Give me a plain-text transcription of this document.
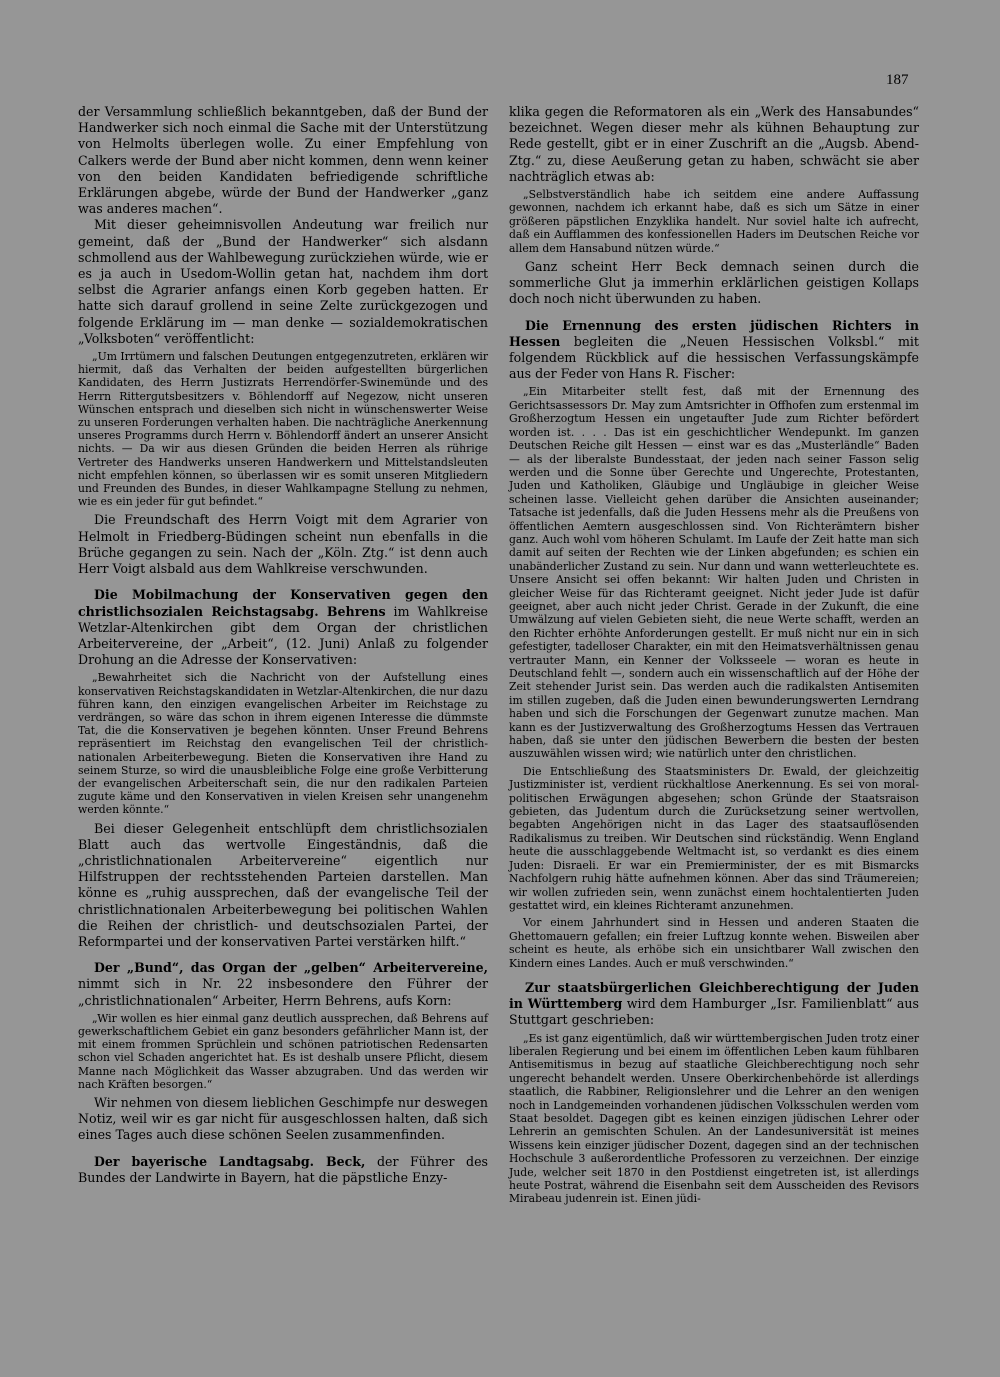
187

der Versammlung schließlich bekanntgeben, daß der Bund der Handwerker sich noch einmal die Sache mit der Unterstützung von Helmolts überlegen wolle. Zu einer Empfehlung von Calkers werde der Bund aber nicht kommen, denn wenn keiner von den beiden Kandidaten befriedigende schriftliche Erklärungen abgebe, würde der Bund der Handwerker „ganz was anderes machen“.

Mit dieser geheimnisvollen Andeutung war freilich nur gemeint, daß der „Bund der Handwerker“ sich alsdann schmollend aus der Wahlbewegung zurückziehen würde, wie er es ja auch in Usedom-Wollin getan hat, nachdem ihm dort selbst die Agrarier anfangs einen Korb gegeben hatten. Er hatte sich darauf grollend in seine Zelte zurückgezogen und folgende Erklärung im — man denke — sozialdemokratischen „Volksboten“ veröffentlicht:

„Um Irrtümern und falschen Deutungen entgegenzutreten, erklären wir hiermit, daß das Verhalten der beiden aufgestellten bürgerlichen Kandidaten, des Herrn Justizrats Herrendörfer-Swinemünde und des Herrn Rittergutsbesitzers v. Böhlendorff auf Negezow, nicht unseren Wünschen entsprach und dieselben sich nicht in wünschenswerter Weise zu unseren Forderungen verhalten haben. Die nachträgliche Anerkennung unseres Programms durch Herrn v. Böhlendorff ändert an unserer Ansicht nichts. — Da wir aus diesen Gründen die beiden Herren als rührige Vertreter des Handwerks unseren Handwerkern und Mittelstandsleuten nicht empfehlen können, so überlassen wir es somit unseren Mitgliedern und Freunden des Bundes, in dieser Wahlkampagne Stellung zu nehmen, wie es ein jeder für gut befindet.“

Die Freundschaft des Herrn Voigt mit dem Agrarier von Helmolt in Friedberg-Büdingen scheint nun ebenfalls in die Brüche gegangen zu sein. Nach der „Köln. Ztg.“ ist denn auch Herr Voigt alsbald aus dem Wahlkreise verschwunden.

Die Mobilmachung der Konservativen gegen den christlichsozialen Reichstagsabg. Behrens im Wahlkreise Wetzlar-Altenkirchen gibt dem Organ der christlichen Arbeitervereine, der „Arbeit“, (12. Juni) Anlaß zu folgender Drohung an die Adresse der Konservativen:

„Bewahrheitet sich die Nachricht von der Aufstellung eines konservativen Reichstagskandidaten in Wetzlar-Altenkirchen, die nur dazu führen kann, den einzigen evangelischen Arbeiter im Reichstage zu verdrängen, so wäre das schon in ihrem eigenen Interesse die dümmste Tat, die die Konservativen je begehen könnten. Unser Freund Behrens repräsentiert im Reichstag den evangelischen Teil der christlich-nationalen Arbeiterbewegung. Bieten die Konservativen ihre Hand zu seinem Sturze, so wird die unausbleibliche Folge eine große Verbitterung der evangelischen Arbeiterschaft sein, die nur den radikalen Parteien zugute käme und den Konservativen in vielen Kreisen sehr unangenehm werden könnte.“

Bei dieser Gelegenheit entschlüpft dem christlichsozialen Blatt auch das wertvolle Eingeständnis, daß die „christlichnationalen Arbeitervereine“ eigentlich nur Hilfstruppen der rechtsstehenden Parteien darstellen. Man könne es „ruhig aussprechen, daß der evangelische Teil der christlichnationalen Arbeiterbewegung bei politischen Wahlen die Reihen der christlich- und deutschsozialen Partei, der Reformpartei und der konservativen Partei verstärken hilft.“

Der „Bund“, das Organ der „gelben“ Arbeitervereine, nimmt sich in Nr. 22 insbesondere den Führer der „christlichnationalen“ Arbeiter, Herrn Behrens, aufs Korn:

„Wir wollen es hier einmal ganz deutlich aussprechen, daß Behrens auf gewerkschaftlichem Gebiet ein ganz besonders gefährlicher Mann ist, der mit einem frommen Sprüchlein und schönen patriotischen Redensarten schon viel Schaden angerichtet hat. Es ist deshalb unsere Pflicht, diesem Manne nach Möglichkeit das Wasser abzugraben. Und das werden wir nach Kräften besorgen.“

Wir nehmen von diesem lieblichen Geschimpfe nur deswegen Notiz, weil wir es gar nicht für ausgeschlossen halten, daß sich eines Tages auch diese schönen Seelen zusammenfinden.

Der bayerische Landtagsabg. Beck, der Führer des Bundes der Landwirte in Bayern, hat die päpstliche Enzy-

klika gegen die Reformatoren als ein „Werk des Hansabundes“ bezeichnet. Wegen dieser mehr als kühnen Behauptung zur Rede gestellt, gibt er in einer Zuschrift an die „Augsb. Abend-Ztg.“ zu, diese Aeußerung getan zu haben, schwächt sie aber nachträglich etwas ab:

„Selbstverständlich habe ich seitdem eine andere Auffassung gewonnen, nachdem ich erkannt habe, daß es sich um Sätze in einer größeren päpstlichen Enzyklika handelt. Nur soviel halte ich aufrecht, daß ein Aufflammen des konfessionellen Haders im Deutschen Reiche vor allem dem Hansabund nützen würde.“

Ganz scheint Herr Beck demnach seinen durch die sommerliche Glut ja immerhin erklärlichen geistigen Kollaps doch noch nicht überwunden zu haben.

Die Ernennung des ersten jüdischen Richters in Hessen begleiten die „Neuen Hessischen Volksbl.“ mit folgendem Rückblick auf die hessischen Verfassungskämpfe aus der Feder von Hans R. Fischer:

„Ein Mitarbeiter stellt fest, daß mit der Ernennung des Gerichtsassessors Dr. May zum Amtsrichter in Offhofen zum erstenmal im Großherzogtum Hessen ein ungetaufter Jude zum Richter befördert worden ist. . . . Das ist ein geschichtlicher Wendepunkt. Im ganzen Deutschen Reiche gilt Hessen — einst war es das „Musterländle“ Baden — als der liberalste Bundesstaat, der jeden nach seiner Fasson selig werden und die Sonne über Gerechte und Ungerechte, Protestanten, Juden und Katholiken, Gläubige und Ungläubige in gleicher Weise scheinen lasse. Vielleicht gehen darüber die Ansichten auseinander; Tatsache ist jedenfalls, daß die Juden Hessens mehr als die Preußens von öffentlichen Aemtern ausgeschlossen sind. Von Richterämtern bisher ganz. Auch wohl vom höheren Schulamt. Im Laufe der Zeit hatte man sich damit auf seiten der Rechten wie der Linken abgefunden; es schien ein unabänderlicher Zustand zu sein. Nur dann und wann wetterleuchtete es. Unsere Ansicht sei offen bekannt: Wir halten Juden und Christen in gleicher Weise für das Richteramt geeignet. Nicht jeder Jude ist dafür geeignet, aber auch nicht jeder Christ. Gerade in der Zukunft, die eine Umwälzung auf vielen Gebieten sieht, die neue Werte schafft, werden an den Richter erhöhte Anforderungen gestellt. Er muß nicht nur ein in sich gefestigter, tadelloser Charakter, ein mit den Heimatsverhältnissen genau vertrauter Mann, ein Kenner der Volksseele — woran es heute in Deutschland fehlt —, sondern auch ein wissenschaftlich auf der Höhe der Zeit stehender Jurist sein. Das werden auch die radikalsten Antisemiten im stillen zugeben, daß die Juden einen bewunderungswerten Lerndrang haben und sich die Forschungen der Gegenwart zunutze machen. Man kann es der Justizverwaltung des Großherzogtums Hessen das Vertrauen haben, daß sie unter den jüdischen Bewerbern die besten der besten auszuwählen wissen wird; wie natürlich unter den christlichen.
Die Entschließung des Staatsministers Dr. Ewald, der gleichzeitig Justizminister ist, verdient rückhaltlose Anerkennung. Es sei von moral-politischen Erwägungen abgesehen; schon Gründe der Staatsraison gebieten, das Judentum durch die Zurücksetzung seiner wertvollen, begabten Angehörigen nicht in das Lager des staatsauflösenden Radikalismus zu treiben. Wir Deutschen sind rückständig. Wenn England heute die ausschlaggebende Weltmacht ist, so verdankt es dies einem Juden: Disraeli. Er war ein Premierminister, der es mit Bismarcks Nachfolgern ruhig hätte aufnehmen können. Aber das sind Träumereien; wir wollen zufrieden sein, wenn zunächst einem hochtalentierten Juden gestattet wird, ein kleines Richteramt anzunehmen.
Vor einem Jahrhundert sind in Hessen und anderen Staaten die Ghettomauern gefallen; ein freier Luftzug konnte wehen. Bisweilen aber scheint es heute, als erhöbe sich ein unsichtbarer Wall zwischen den Kindern eines Landes. Auch er muß verschwinden.“

Zur staatsbürgerlichen Gleichberechtigung der Juden in Württemberg wird dem Hamburger „Isr. Familienblatt“ aus Stuttgart geschrieben:

„Es ist ganz eigentümlich, daß wir württembergischen Juden trotz einer liberalen Regierung und bei einem im öffentlichen Leben kaum fühlbaren Antisemitismus in bezug auf staatliche Gleichberechtigung noch sehr ungerecht behandelt werden. Unsere Oberkirchenbehörde ist allerdings staatlich, die Rabbiner, Religionslehrer und die Lehrer an den wenigen noch in Landgemeinden vorhandenen jüdischen Volksschulen werden vom Staat besoldet. Dagegen gibt es keinen einzigen jüdischen Lehrer oder Lehrerin an gemischten Schulen. An der Landesuniversität ist meines Wissens kein einziger jüdischer Dozent, dagegen sind an der technischen Hochschule 3 außerordentliche Professoren zu verzeichnen. Der einzige Jude, welcher seit 1870 in den Postdienst eingetreten ist, ist allerdings heute Postrat, während die Eisenbahn seit dem Ausscheiden des Revisors Mirabeau judenrein ist. Einen jüdi-
